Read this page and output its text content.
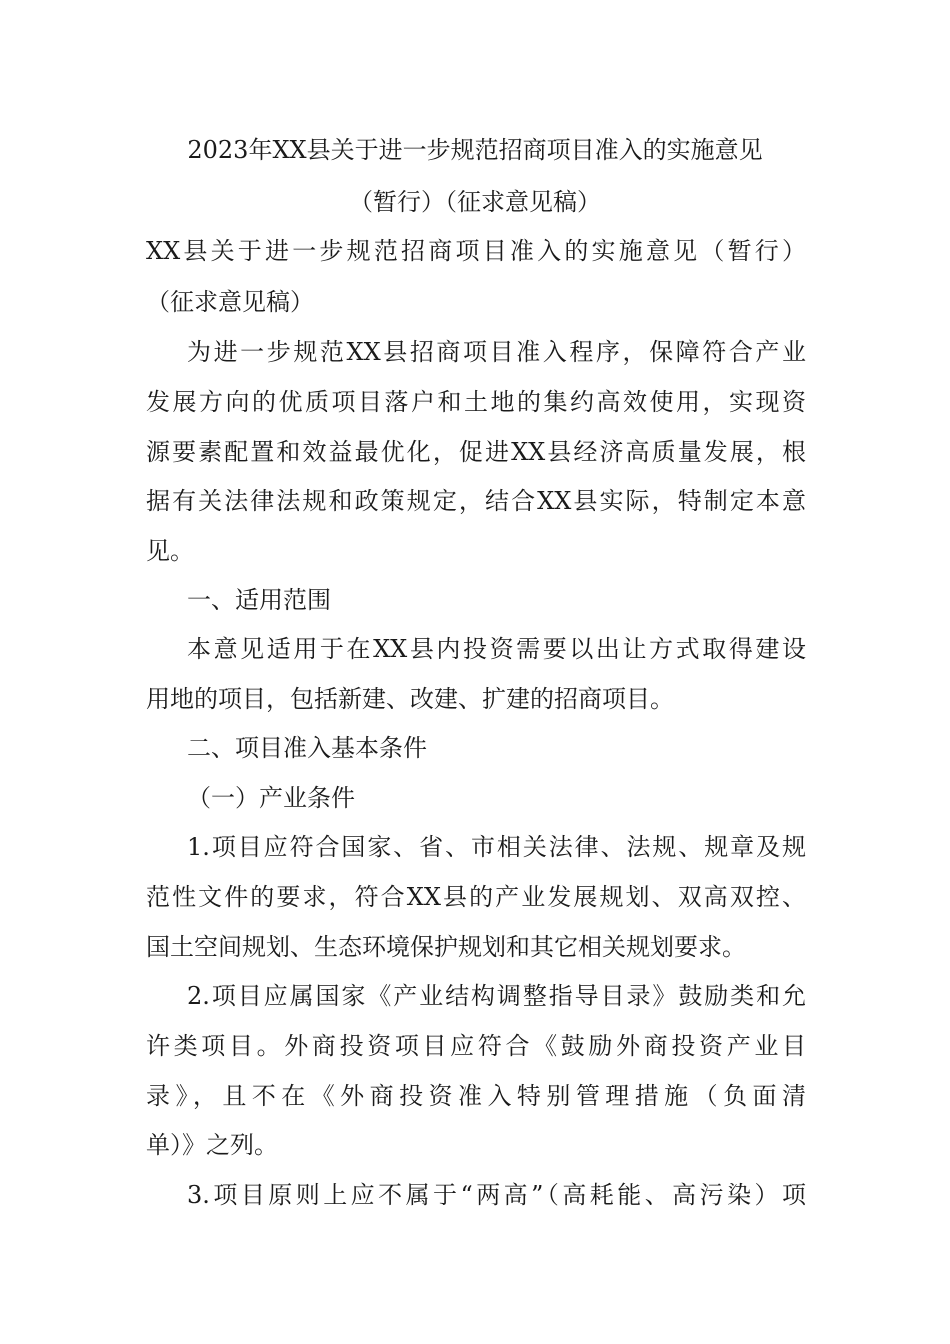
2023年XX县关于进一步规范招商项目准入的实施意见

（暂行）（征求意见稿）

XX县关于进一步规范招商项目准入的实施意见（暂行）

（征求意见稿）

为进一步规范XX县招商项目准入程序，保障符合产业

发展方向的优质项目落户和土地的集约高效使用，实现资

源要素配置和效益最优化，促进XX县经济高质量发展，根

据有关法律法规和政策规定，结合XX县实际，特制定本意

见。

一、适用范围

本意见适用于在XX县内投资需要以出让方式取得建设

用地的项目，包括新建、改建、扩建的招商项目。

二、项目准入基本条件

（一）产业条件

1.项目应符合国家、省、市相关法律、法规、规章及规

范性文件的要求，符合XX县的产业发展规划、双高双控、

国土空间规划、生态环境保护规划和其它相关规划要求。

2.项目应属国家《产业结构调整指导目录》鼓励类和允

许类项目。外商投资项目应符合《鼓励外商投资产业目

录》，且不在《外商投资准入特别管理措施（负面清

单）》之列。

3.项目原则上应不属于“两高”（高耗能、高污染）项
